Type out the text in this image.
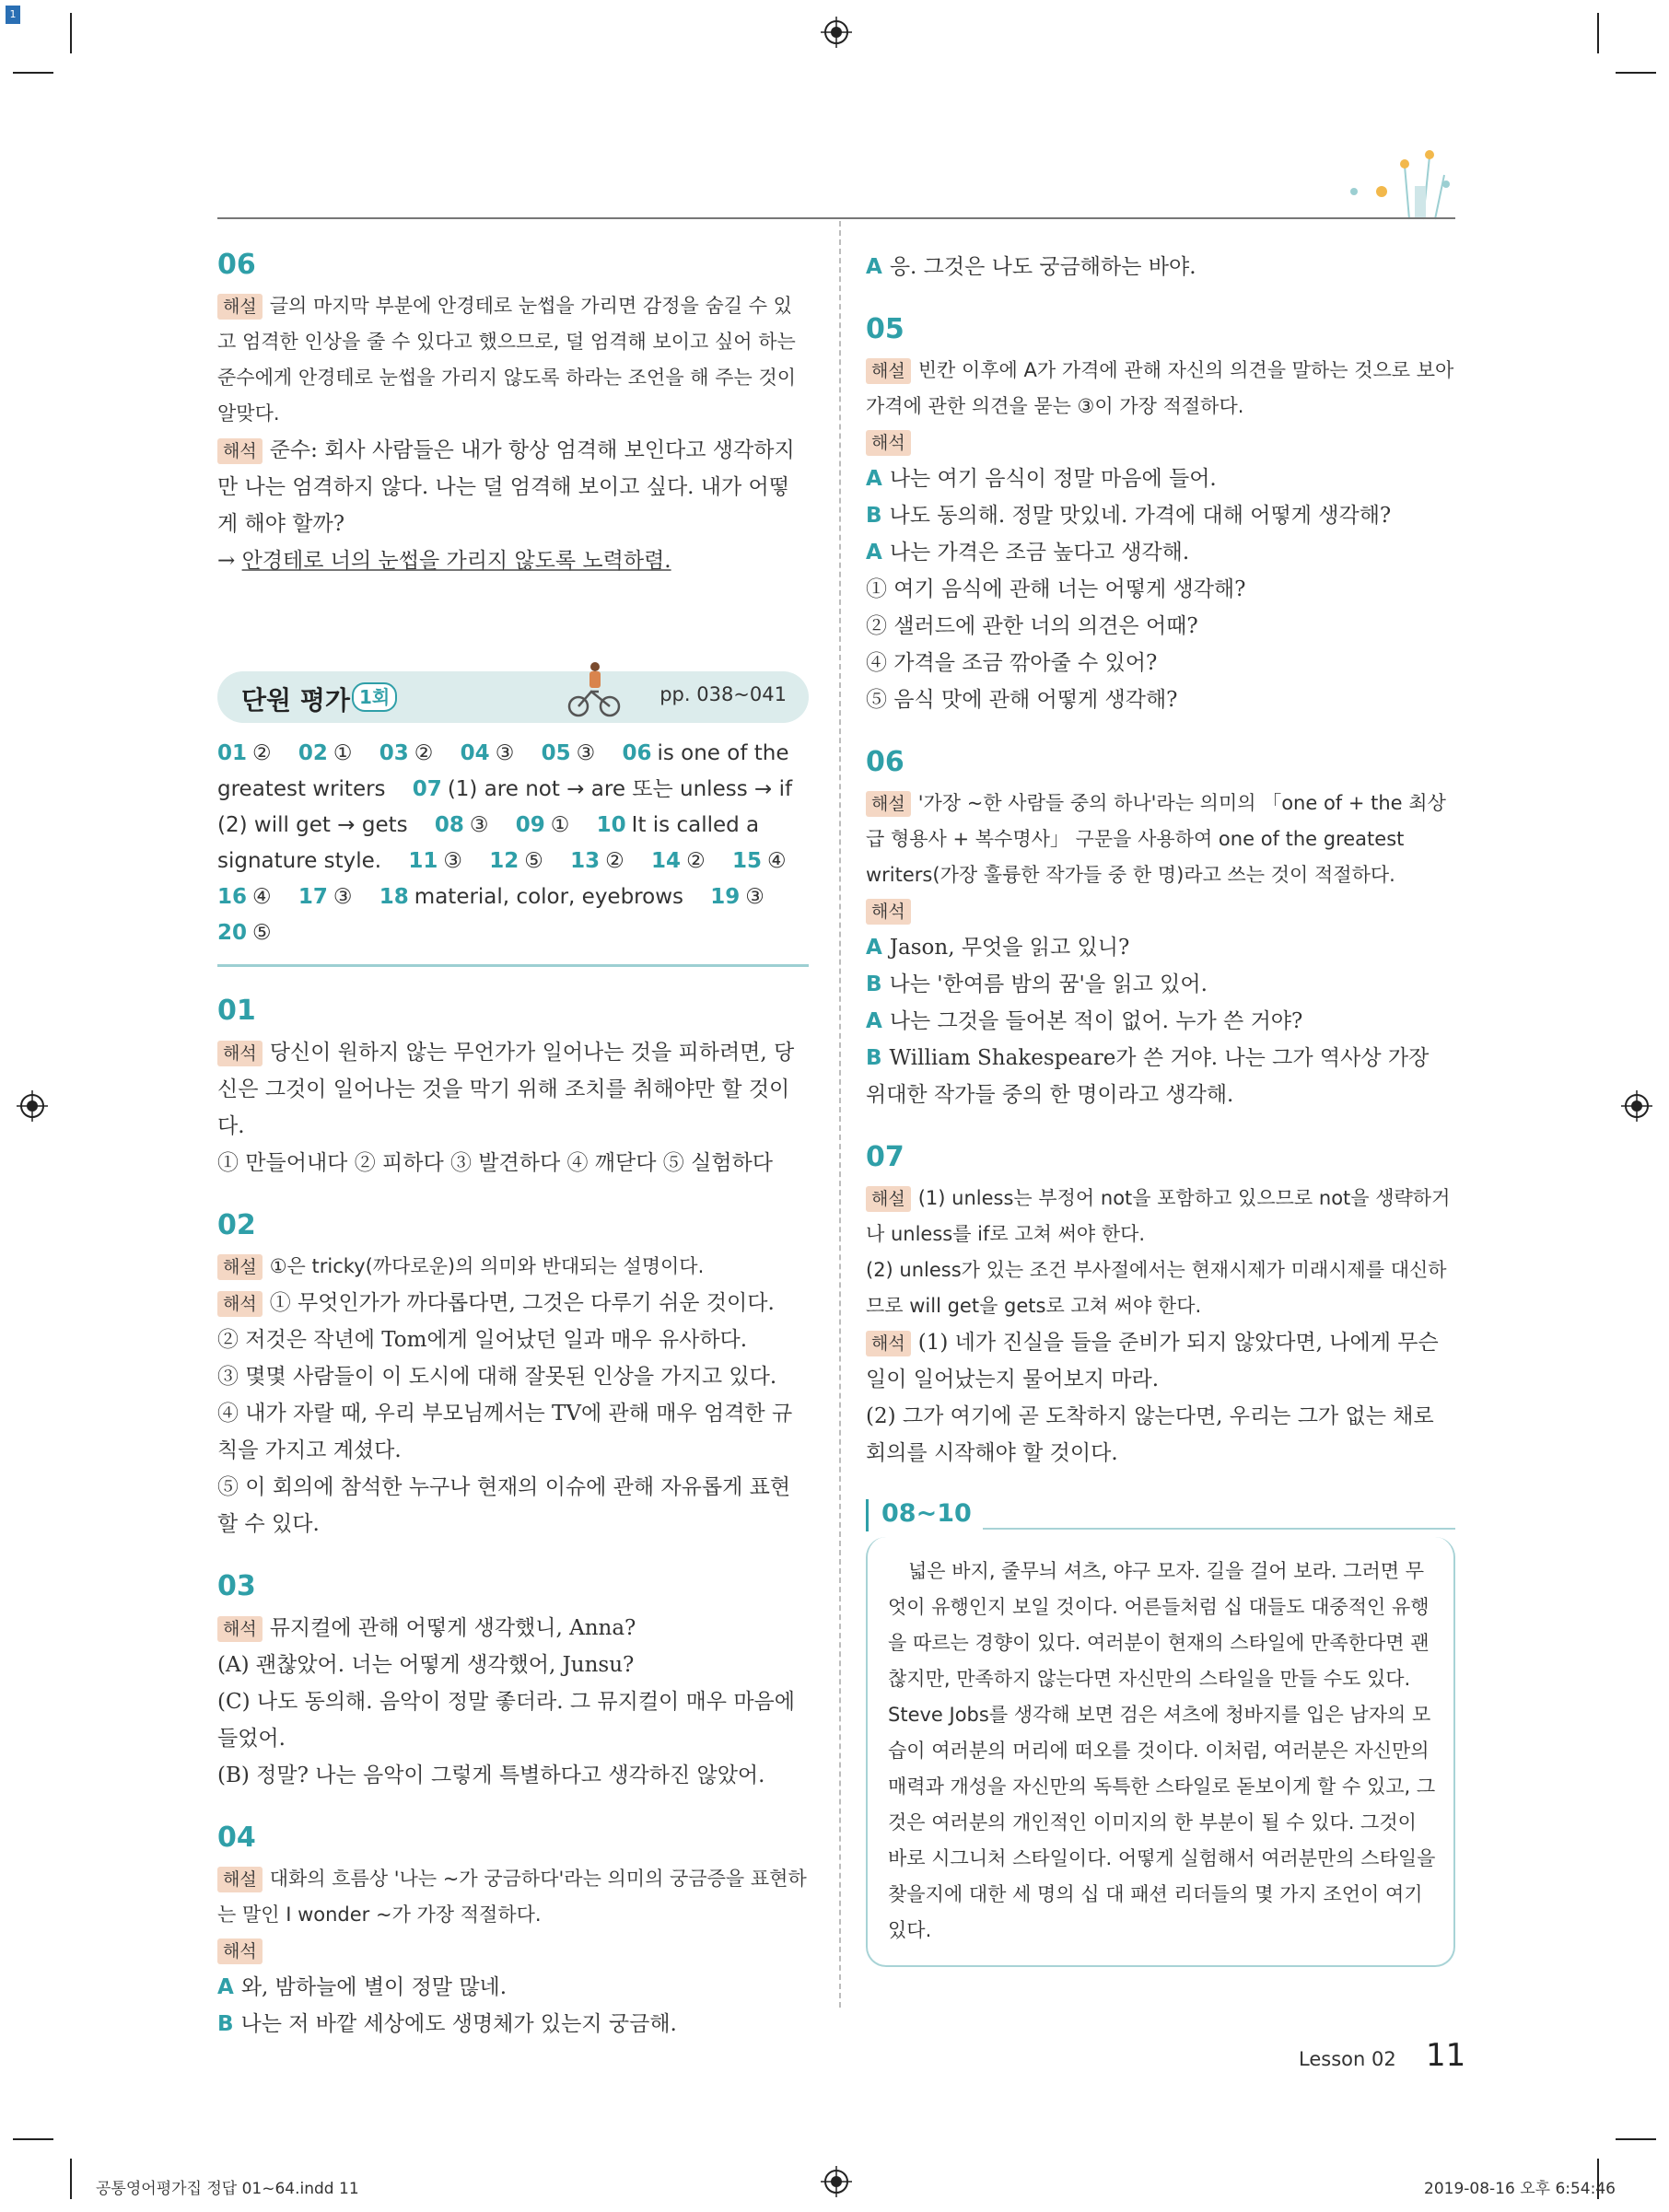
1
06

해설 글의 마지막 부분에 안경테로 눈썹을 가리면 감정을 숨길 수 있고 엄격한 인상을 줄 수 있다고 했으므로, 덜 엄격해 보이고 싶어 하는 준수에게 안경테로 눈썹을 가리지 않도록 하라는 조언을 해 주는 것이 알맞다.

해석 준수: 회사 사람들은 내가 항상 엄격해 보인다고 생각하지만 나는 엄격하지 않다. 나는 덜 엄격해 보이고 싶다. 내가 어떻게 해야 할까?

→ 안경테로 너의 눈썹을 가리지 않도록 노력하렴.

단원 평가 1회	pp. 038~041
01 ② 02 ① 03 ② 04 ③ 05 ③ 06 is one of the greatest writers 07 (1) are not → are 또는 unless → if (2) will get → gets 08 ③ 09 ① 10 It is called a signature style. 11 ③ 12 ⑤ 13 ② 14 ② 15 ④    16 ④ 17 ③ 18 material, color, eyebrows 19 ③    20 ⑤
01

해석 당신이 원하지 않는 무언가가 일어나는 것을 피하려면, 당신은 그것이 일어나는 것을 막기 위해 조치를 취해야만 할 것이다.

① 만들어내다 ② 피하다 ③ 발견하다 ④ 깨닫다 ⑤ 실험하다

02

해설 ①은 tricky(까다로운)의 의미와 반대되는 설명이다.

해석 ① 무엇인가가 까다롭다면, 그것은 다루기 쉬운 것이다.

② 저것은 작년에 Tom에게 일어났던 일과 매우 유사하다.

③ 몇몇 사람들이 이 도시에 대해 잘못된 인상을 가지고 있다.

④ 내가 자랄 때, 우리 부모님께서는 TV에 관해 매우 엄격한 규칙을 가지고 계셨다.

⑤ 이 회의에 참석한 누구나 현재의 이슈에 관해 자유롭게 표현할 수 있다.

03

해석 뮤지컬에 관해 어떻게 생각했니, Anna?

(A) 괜찮았어. 너는 어떻게 생각했어, Junsu?

(C) 나도 동의해. 음악이 정말 좋더라. 그 뮤지컬이 매우 마음에 들었어.

(B) 정말? 나는 음악이 그렇게 특별하다고 생각하진 않았어.

04

해설 대화의 흐름상 '나는 ~가 궁금하다'라는 의미의 궁금증을 표현하는 말인 I wonder ~가 가장 적절하다.

해석

A 와, 밤하늘에 별이 정말 많네.

B 나는 저 바깥 세상에도 생명체가 있는지 궁금해.

A 응. 그것은 나도 궁금해하는 바야.

05

해설 빈칸 이후에 A가 가격에 관해 자신의 의견을 말하는 것으로 보아 가격에 관한 의견을 묻는 ③이 가장 적절하다.

해석

A 나는 여기 음식이 정말 마음에 들어.

B 나도 동의해. 정말 맛있네. 가격에 대해 어떻게 생각해?

A 나는 가격은 조금 높다고 생각해.

① 여기 음식에 관해 너는 어떻게 생각해?

② 샐러드에 관한 너의 의견은 어때?

④ 가격을 조금 깎아줄 수 있어?

⑤ 음식 맛에 관해 어떻게 생각해?

06

해설 '가장 ~한 사람들 중의 하나'라는 의미의 「one of + the 최상급 형용사 + 복수명사」 구문을 사용하여 one of the greatest writers(가장 훌륭한 작가들 중 한 명)라고 쓰는 것이 적절하다.

해석

A Jason, 무엇을 읽고 있니?

B 나는 '한여름 밤의 꿈'을 읽고 있어.

A 나는 그것을 들어본 적이 없어. 누가 쓴 거야?

B William Shakespeare가 쓴 거야. 나는 그가 역사상 가장 위대한 작가들 중의 한 명이라고 생각해.

07

해설 (1) unless는 부정어 not을 포함하고 있으므로 not을 생략하거나 unless를 if로 고쳐 써야 한다.

(2) unless가 있는 조건 부사절에서는 현재시제가 미래시제를 대신하므로 will get을 gets로 고쳐 써야 한다.

해석 (1) 네가 진실을 들을 준비가 되지 않았다면, 나에게 무슨 일이 일어났는지 물어보지 마라.

(2) 그가 여기에 곧 도착하지 않는다면, 우리는 그가 없는 채로 회의를 시작해야 할 것이다.

08~10

넓은 바지, 줄무늬 셔츠, 야구 모자. 길을 걸어 보라. 그러면 무엇이 유행인지 보일 것이다. 어른들처럼 십 대들도 대중적인 유행을 따르는 경향이 있다. 여러분이 현재의 스타일에 만족한다면 괜찮지만, 만족하지 않는다면 자신만의 스타일을 만들 수도 있다. Steve Jobs를 생각해 보면 검은 셔츠에 청바지를 입은 남자의 모습이 여러분의 머리에 떠오를 것이다. 이처럼, 여러분은 자신만의 매력과 개성을 자신만의 독특한 스타일로 돋보이게 할 수 있고, 그것은 여러분의 개인적인 이미지의 한 부분이 될 수 있다. 그것이 바로 시그니처 스타일이다. 어떻게 실험해서 여러분만의 스타일을 찾을지에 대한 세 명의 십 대 패션 리더들의 몇 가지 조언이 여기 있다.

Lesson 02 11
공통영어평가집 정답 01~64.indd 11	2019-08-16 오후 6:54:46
